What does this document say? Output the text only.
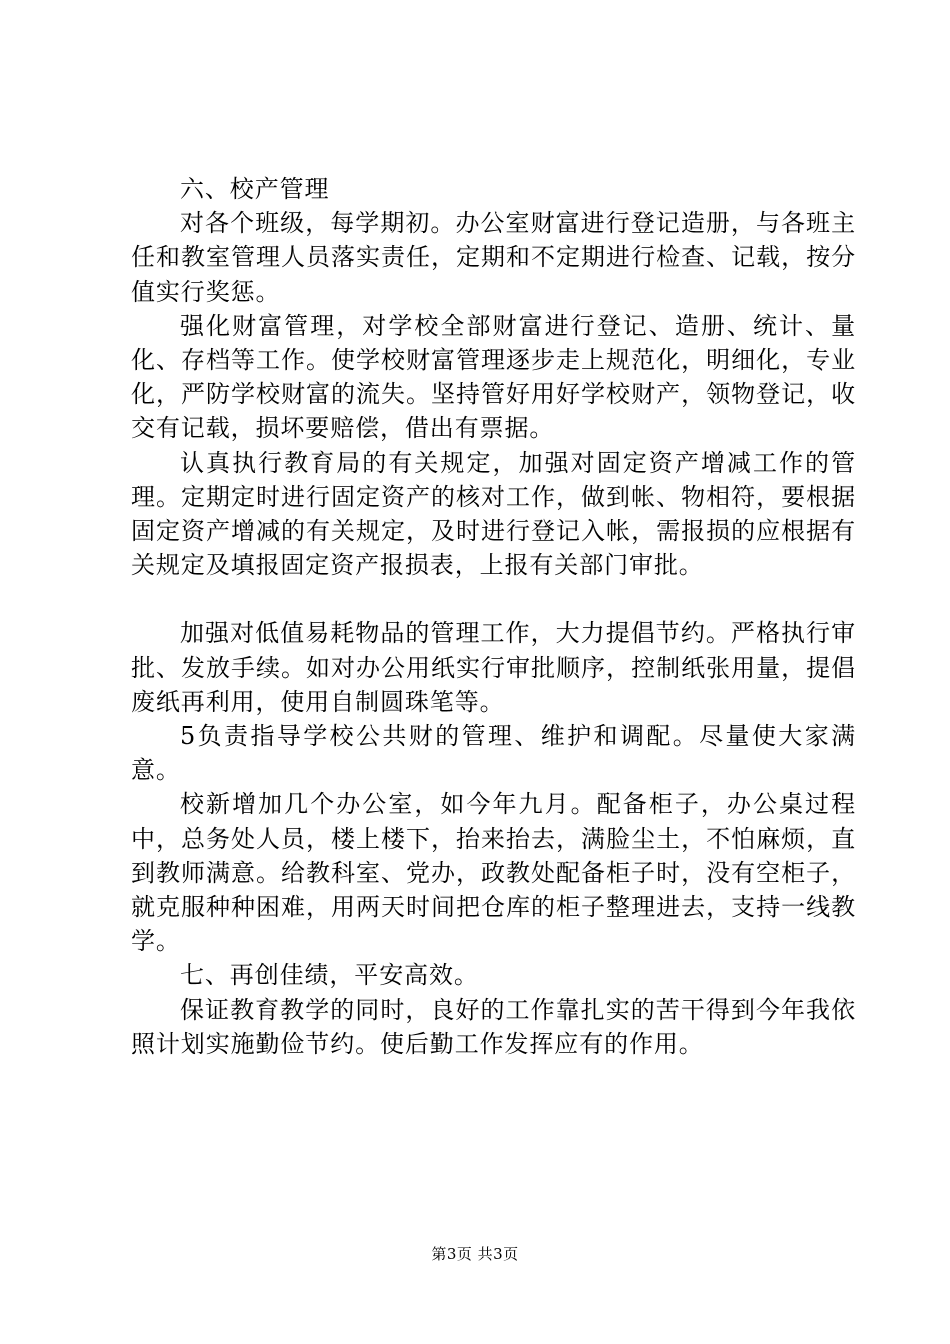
六、校产管理

对各个班级，每学期初。办公室财富进行登记造册，与各班主任和教室管理人员落实责任，定期和不定期进行检查、记载，按分值实行奖惩。

强化财富管理，对学校全部财富进行登记、造册、统计、量化、存档等工作。使学校财富管理逐步走上规范化，明细化，专业化，严防学校财富的流失。坚持管好用好学校财产，领物登记，收交有记载，损坏要赔偿，借出有票据。

认真执行教育局的有关规定，加强对固定资产增减工作的管理。定期定时进行固定资产的核对工作，做到帐、物相符，要根据固定资产增减的有关规定，及时进行登记入帐，需报损的应根据有关规定及填报固定资产报损表，上报有关部门审批。

加强对低值易耗物品的管理工作，大力提倡节约。严格执行审批、发放手续。如对办公用纸实行审批顺序，控制纸张用量，提倡废纸再利用，使用自制圆珠笔等。

5负责指导学校公共财的管理、维护和调配。尽量使大家满意。

校新增加几个办公室，如今年九月。配备柜子，办公桌过程中，总务处人员，楼上楼下，抬来抬去，满脸尘土，不怕麻烦，直到教师满意。给教科室、党办，政教处配备柜子时，没有空柜子，就克服种种困难，用两天时间把仓库的柜子整理进去，支持一线教学。

七、再创佳绩，平安高效。

保证教育教学的同时，良好的工作靠扎实的苦干得到今年我依照计划实施勤俭节约。使后勤工作发挥应有的作用。

第3页 共3页
